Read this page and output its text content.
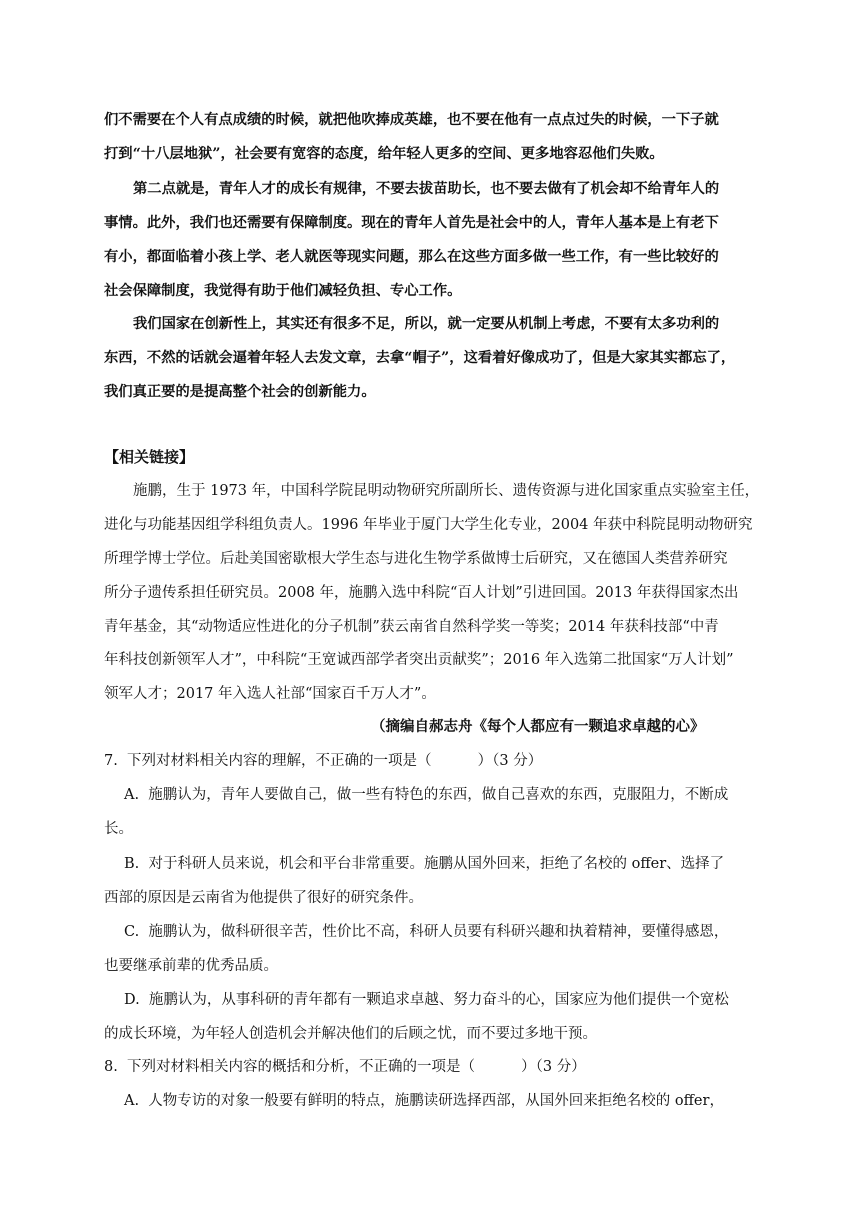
们不需要在个人有点成绩的时候，就把他吹捧成英雄，也不要在他有一点点过失的时候，一下子就
打到“十八层地狱”，社会要有宽容的态度，给年轻人更多的空间、更多地容忍他们失败。
第二点就是，青年人才的成长有规律，不要去拔苗助长，也不要去做有了机会却不给青年人的
事情。此外，我们也还需要有保障制度。现在的青年人首先是社会中的人，青年人基本是上有老下
有小，都面临着小孩上学、老人就医等现实问题，那么在这些方面多做一些工作，有一些比较好的
社会保障制度，我觉得有助于他们减轻负担、专心工作。
我们国家在创新性上，其实还有很多不足，所以，就一定要从机制上考虑，不要有太多功利的
东西，不然的话就会逼着年轻人去发文章，去拿“帽子”，这看着好像成功了，但是大家其实都忘了，
我们真正要的是提高整个社会的创新能力。
【相关链接】
施鹏，生于 1973 年，中国科学院昆明动物研究所副所长、遗传资源与进化国家重点实验室主任，
进化与功能基因组学科组负责人。1996 年毕业于厦门大学生化专业，2004 年获中科院昆明动物研究
所理学博士学位。后赴美国密歇根大学生态与进化生物学系做博士后研究，又在德国人类营养研究
所分子遗传系担任研究员。2008 年，施鹏入选中科院“百人计划”引进回国。2013 年获得国家杰出
青年基金，其“动物适应性进化的分子机制”获云南省自然科学奖一等奖；2014 年获科技部“中青
年科技创新领军人才”，中科院“王宽诚西部学者突出贡献奖”；2016 年入选第二批国家“万人计划”
领军人才；2017 年入选人社部“国家百千万人才”。
（摘编自郝志舟《每个人都应有一颗追求卓越的心》
7.  下列对材料相关内容的理解，不正确的一项是（          ）（3 分）
A.  施鹏认为，青年人要做自己，做一些有特色的东西，做自己喜欢的东西，克服阻力，不断成
长。
B.  对于科研人员来说，机会和平台非常重要。施鹏从国外回来，拒绝了名校的 offer、选择了
西部的原因是云南省为他提供了很好的研究条件。
C.  施鹏认为，做科研很辛苦，性价比不高，科研人员要有科研兴趣和执着精神，要懂得感恩，
也要继承前辈的优秀品质。
D.  施鹏认为，从事科研的青年都有一颗追求卓越、努力奋斗的心，国家应为他们提供一个宽松
的成长环境，为年轻人创造机会并解决他们的后顾之忧，而不要过多地干预。
8.  下列对材料相关内容的概括和分析，不正确的一项是（          ）（3 分）
A.  人物专访的对象一般要有鲜明的特点，施鹏读研选择西部，从国外回来拒绝名校的 offer，
